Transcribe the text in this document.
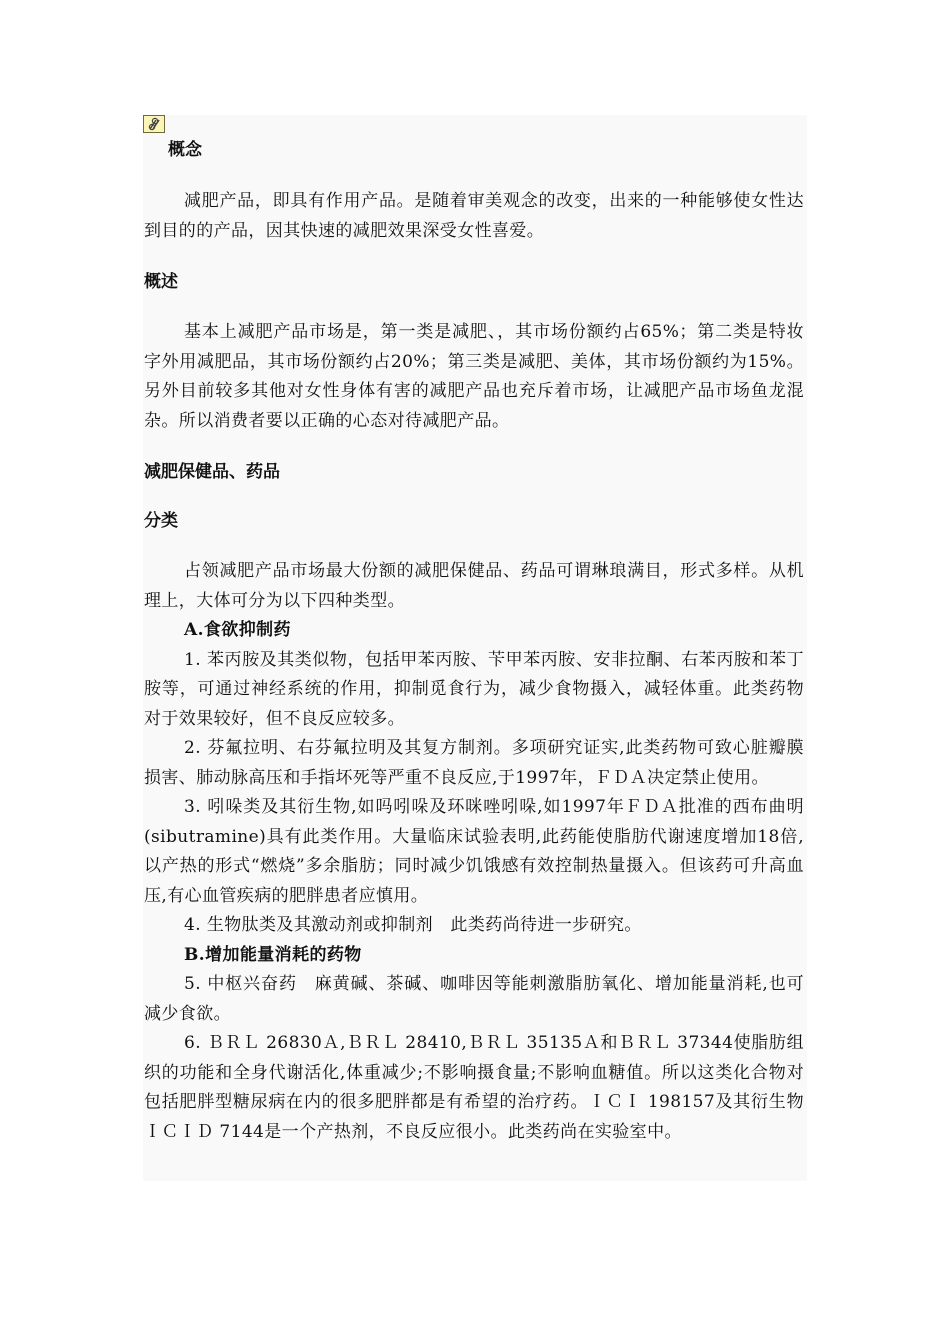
概念

减肥产品，即具有作用产品。是随着审美观念的改变，出来的一种能够使女性达到目的的产品，因其快速的减肥效果深受女性喜爱。

概述

基本上减肥产品市场是，第一类是减肥、，其市场份额约占65%；第二类是特妆字外用减肥品，其市场份额约占20%；第三类是减肥、美体，其市场份额约为15%。另外目前较多其他对女性身体有害的减肥产品也充斥着市场，让减肥产品市场鱼龙混杂。所以消费者要以正确的心态对待减肥产品。

减肥保健品、药品

分类

占领减肥产品市场最大份额的减肥保健品、药品可谓琳琅满目，形式多样。从机理上，大体可分为以下四种类型。

A.食欲抑制药

1. 苯丙胺及其类似物，包括甲苯丙胺、苄甲苯丙胺、安非拉酮、右苯丙胺和苯丁胺等，可通过神经系统的作用，抑制觅食行为，减少食物摄入，减轻体重。此类药物对于效果较好，但不良反应较多。

2. 芬氟拉明、右芬氟拉明及其复方制剂。多项研究证实,此类药物可致心脏瓣膜损害、肺动脉高压和手指坏死等严重不良反应,于1997年，ＦＤＡ决定禁止使用。

3. 吲哚类及其衍生物,如吗吲哚及环咪唑吲哚,如1997年ＦＤＡ批准的西布曲明(sibutramine)具有此类作用。大量临床试验表明,此药能使脂肪代谢速度增加18倍,以产热的形式“燃烧”多余脂肪；同时减少饥饿感有效控制热量摄入。但该药可升高血压,有心血管疾病的肥胖患者应慎用。

4. 生物肽类及其激动剂或抑制剂　此类药尚待进一步研究。

B.增加能量消耗的药物

5. 中枢兴奋药　麻黄碱、茶碱、咖啡因等能刺激脂肪氧化、增加能量消耗,也可减少食欲。

6. ＢＲＬ 26830Ａ,ＢＲＬ 28410,ＢＲＬ 35135Ａ和ＢＲＬ 37344使脂肪组织的功能和全身代谢活化,体重减少;不影响摄食量;不影响血糖值。所以这类化合物对包括肥胖型糖尿病在内的很多肥胖都是有希望的治疗药。ＩＣＩ 198157及其衍生物ＩＣＩＤ 7144是一个产热剂，不良反应很小。此类药尚在实验室中。
